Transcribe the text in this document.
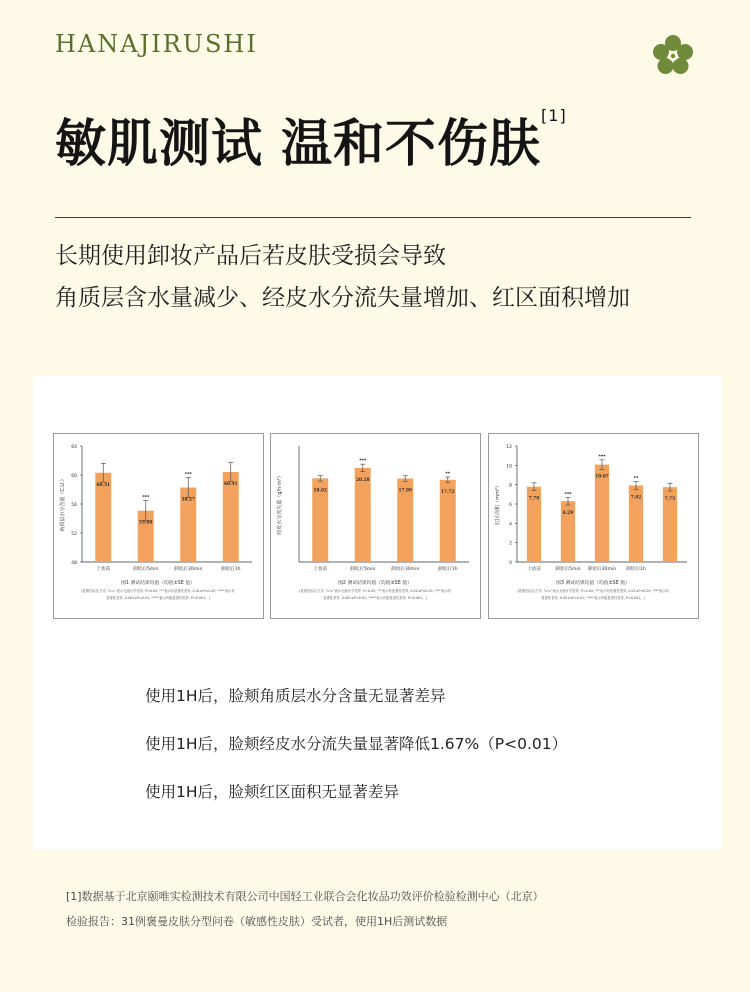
HANAJIRUSHI
敏肌测试 温和不伤肤[1]
长期使用卸妆产品后若皮肤受损会导致
角质层含水量减少、经皮水分流失量增加、红区面积增加
48
52
56
60
64
角质层水分含量（C.U.）	60.31
上妆前
***
55.08
卸妆后5min
***
58.27
卸妆后30min
60.41
卸妆后1h
图1 测试结果均值（均值±SE 值）
(显著性标注方式: "n.s."表示无统计学差异, P>0.05; "*"表示有显著性差异, 0.01≤P<0.05; "***"表示有
显著性差异, 0.001≤P<0.01; "***"表示有极显著性差异, P<0.001。)
经皮水分流失量（g/h·m²）	18.02
上妆前
***
20.28
卸妆后5min
17.99
卸妆后30min
**
17.72
卸妆后1h
图2 测试结果均值（均值±SE 值）
(显著性标注方式: "n.s."表示无统计学差异, P>0.05; "*"表示有显著性差异, 0.01≤P<0.05; "**"表示有
显著性差异, 0.001≤P<0.01; "***"表示有极显著性差异, P<0.001。)
0
2
4
6
8
10
12
红区面积（mm²）	7.79
上妆前
***
6.29
卸妆后5min
***
10.07
卸妆后30min
**
7.92
卸妆后1h
7.75
图3 测试结果均值（均值±SE 值）
(显著性标注方式: "n.s."表示无统计学差异, P>0.05; "*"表示有显著性差异, 0.01≤P<0.05; "**"表示有
显著性差异, 0.001≤P<0.01; "***"表示有极显著性差异, P<0.001。)
使用1H后，脸颊角质层水分含量无显著差异
使用1H后，脸颊经皮水分流失量显著降低1.67%（P<0.01）
使用1H后，脸颊红区面积无显著差异
[1]数据基于北京颐唯实检测技术有限公司中国轻工业联合会化妆品功效评价检验检测中心（北京）
检验报告：31例褒曼皮肤分型问卷（敏感性皮肤）受试者，使用1H后测试数据
